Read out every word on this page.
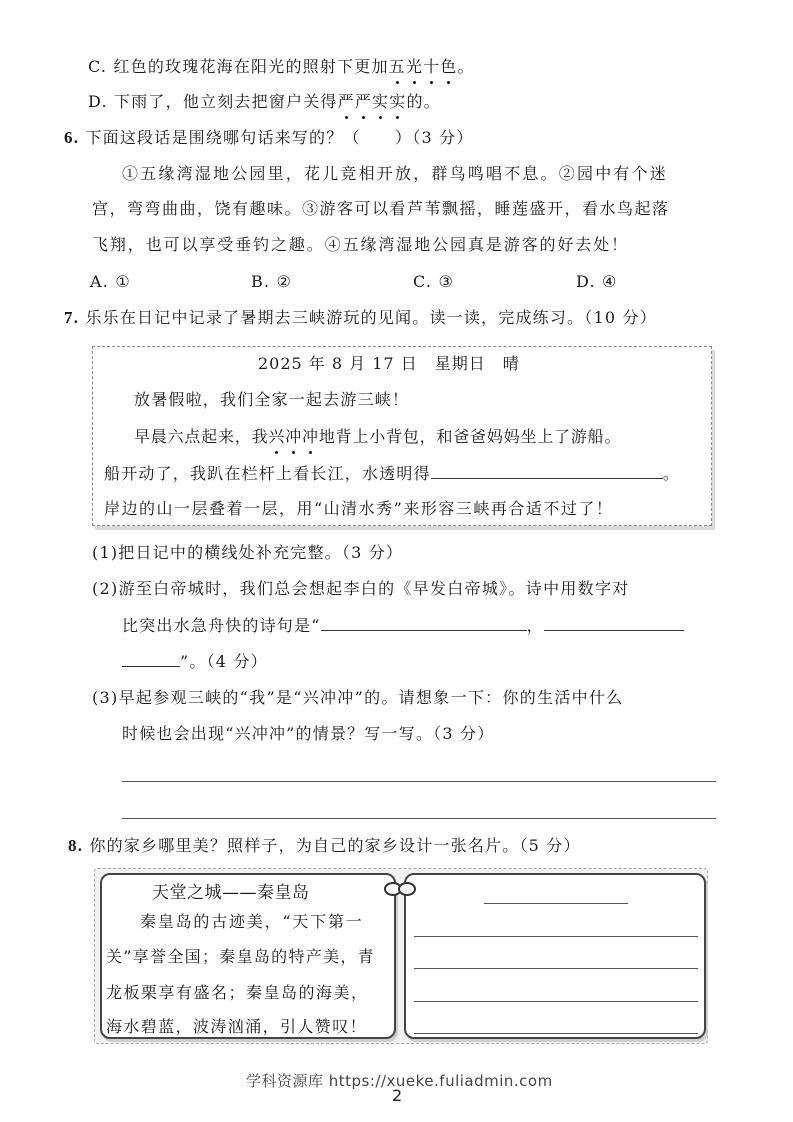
C. 红色的玫瑰花海在阳光的照射下更加五光十色。
D. 下雨了，他立刻去把窗户关得严严实实的。
6. 下面这段话是围绕哪句话来写的？（　　）（3 分）
①五缘湾湿地公园里，花儿竞相开放，群鸟鸣唱不息。②园中有个迷
宫，弯弯曲曲，饶有趣味。③游客可以看芦苇飘摇，睡莲盛开，看水鸟起落
飞翔，也可以享受垂钓之趣。④五缘湾湿地公园真是游客的好去处！
A. ①	B. ②	C. ③	D. ④
7. 乐乐在日记中记录了暑期去三峡游玩的见闻。读一读，完成练习。（10 分）
2025 年 8 月 17 日　星期日　晴
放暑假啦，我们全家一起去游三峡！
早晨六点起来，我兴冲冲地背上小背包，和爸爸妈妈坐上了游船。
船开动了，我趴在栏杆上看长江，水透明得	。
岸边的山一层叠着一层，用“山清水秀”来形容三峡再合适不过了！
(1)把日记中的横线处补充完整。（3 分）
(2)游至白帝城时，我们总会想起李白的《早发白帝城》。诗中用数字对
比突出水急舟快的诗句是“	，
”。（4 分）
(3)早起参观三峡的“我”是“兴冲冲”的。请想象一下：你的生活中什么
时候也会出现“兴冲冲”的情景？写一写。（3 分）
8. 你的家乡哪里美？照样子，为自己的家乡设计一张名片。（5 分）
天堂之城——秦皇岛
秦皇岛的古迹美，“天下第一
关”享誉全国；秦皇岛的特产美，青
龙板栗享有盛名；秦皇岛的海美，
海水碧蓝，波涛汹涌，引人赞叹！
学科资源库 https://xueke.fuliadmin.com
2
